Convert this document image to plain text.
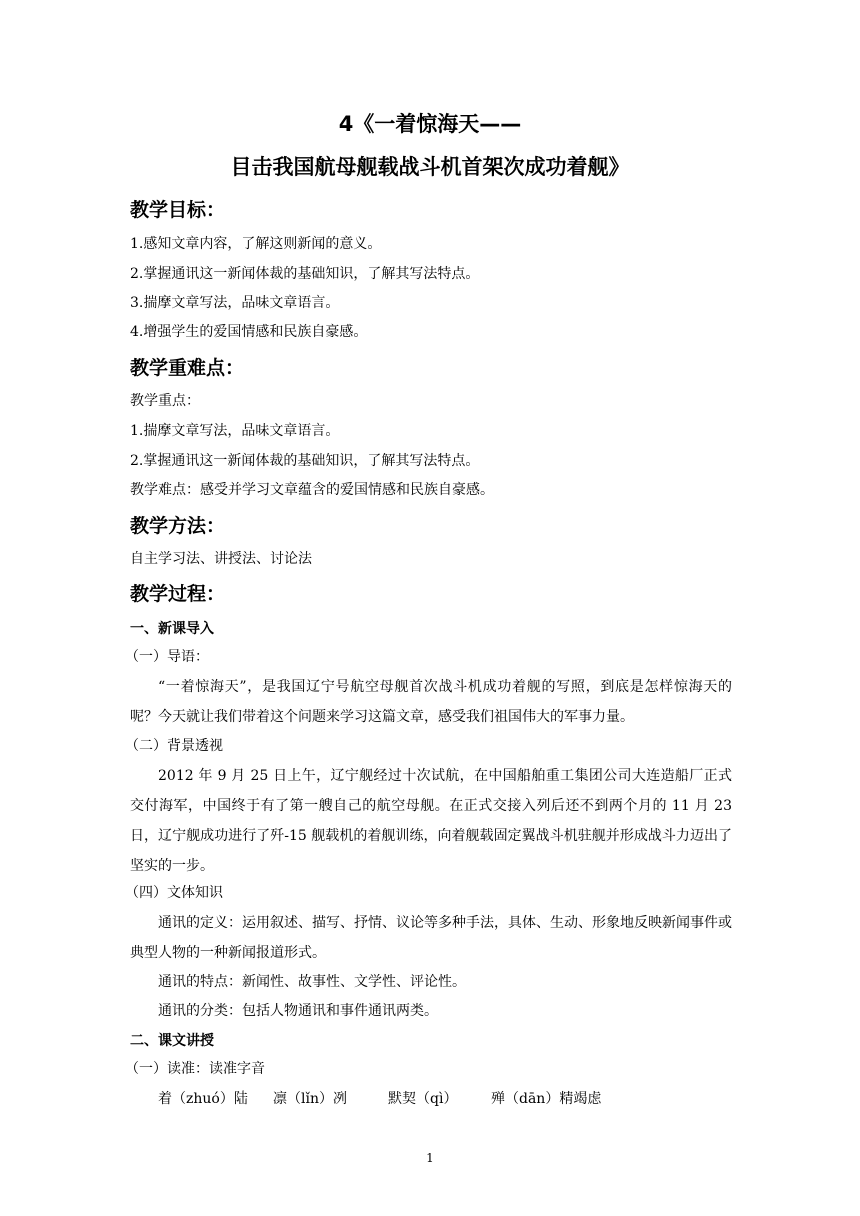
4《一着惊海天——
目击我国航母舰载战斗机首架次成功着舰》
教学目标：
1.感知文章内容，了解这则新闻的意义。
2.掌握通讯这一新闻体裁的基础知识，了解其写法特点。
3.揣摩文章写法，品味文章语言。
4.增强学生的爱国情感和民族自豪感。
教学重难点：
教学重点：
1.揣摩文章写法，品味文章语言。
2.掌握通讯这一新闻体裁的基础知识，了解其写法特点。
教学难点：感受并学习文章蕴含的爱国情感和民族自豪感。
教学方法：
自主学习法、讲授法、讨论法
教学过程：
一、新课导入
（一）导语：
“一着惊海天”，是我国辽宁号航空母舰首次战斗机成功着舰的写照，到底是怎样惊海天的呢？今天就让我们带着这个问题来学习这篇文章，感受我们祖国伟大的军事力量。
（二）背景透视
2012 年 9 月 25 日上午，辽宁舰经过十次试航，在中国船舶重工集团公司大连造船厂正式交付海军，中国终于有了第一艘自己的航空母舰。在正式交接入列后还不到两个月的 11 月 23 日，辽宁舰成功进行了歼-15 舰载机的着舰训练，向着舰载固定翼战斗机驻舰并形成战斗力迈出了坚实的一步。
（四）文体知识
通讯的定义：运用叙述、描写、抒情、议论等多种手法，具体、生动、形象地反映新闻事件或典型人物的一种新闻报道形式。
通讯的特点：新闻性、故事性、文学性、评论性。
通讯的分类：包括人物通讯和事件通讯两类。
二、课文讲授
（一）读准：读准字音
着（zhuó）陆 凛（lǐn）冽	默契（qì） 殚（dān）精竭虑
1
